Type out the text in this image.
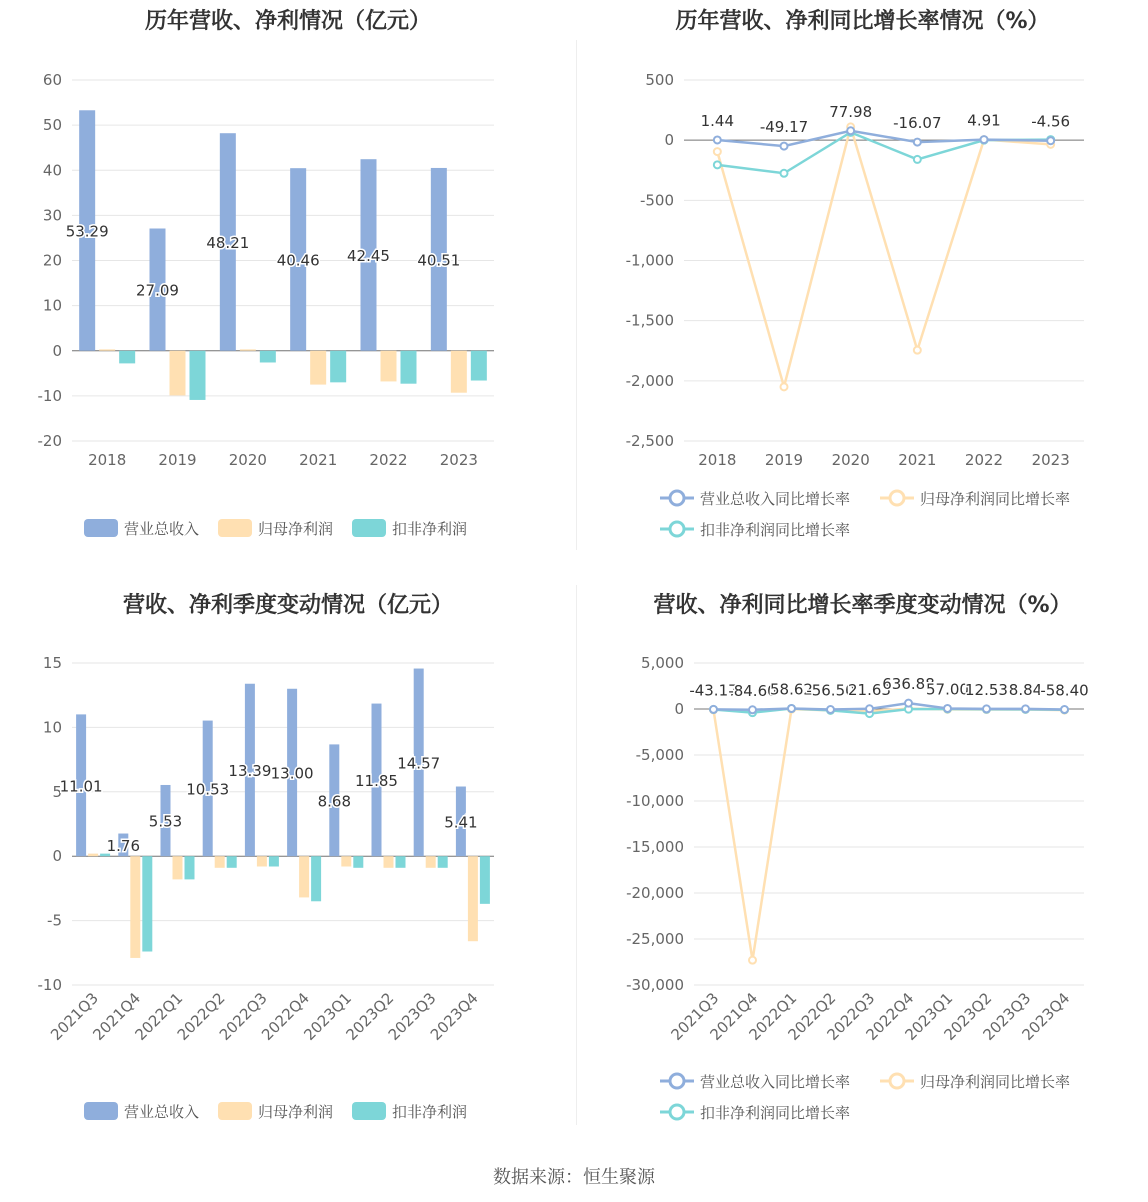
历年营收、净利情况（亿元）
60
50
40
30
20
10
0
-10
-20
53.29
27.09
48.21
40.46 42.45 40.51
2018 2019 2020 2021 2022 2023
营业总收入	归母净利润	扣非净利润
历年营收、净利同比增长率情况（%）
500
0
-500
-1,000
-1,500
-2,000
-2,500
1.44 -49.17
77.98
-16.07 4.91 -4.56
2018 2019 2020 2021 2022 2023
营业总收入同比增长率	归母净利润同比增长率
扣非净利润同比增长率
营收、净利季度变动情况（亿元）
15
10
5
0
-5
-10
11.01
1.76
5.53
10.53
13.39 13.00
8.68
11.85
14.57
5.41
2021Q3
2021Q4
2022Q1
2022Q2
2022Q3
2022Q4
2023Q1
2023Q2
2023Q3
2023Q4
营业总收入	归母净利润	扣非净利润
营收、净利同比增长率季度变动情况（%）
5,000
0
-5,000
-10,000
-15,000
-20,000
-25,000
-30,000
-43.17
-84.60
58.62
-56.50
21.63
636.88
57.00
12.53 8.84
-58.40
2021Q3
2021Q4
2022Q1
2022Q2
2022Q3
2022Q4
2023Q1
2023Q2
2023Q3
2023Q4
营业总收入同比增长率	归母净利润同比增长率
扣非净利润同比增长率
数据来源：恒生聚源
